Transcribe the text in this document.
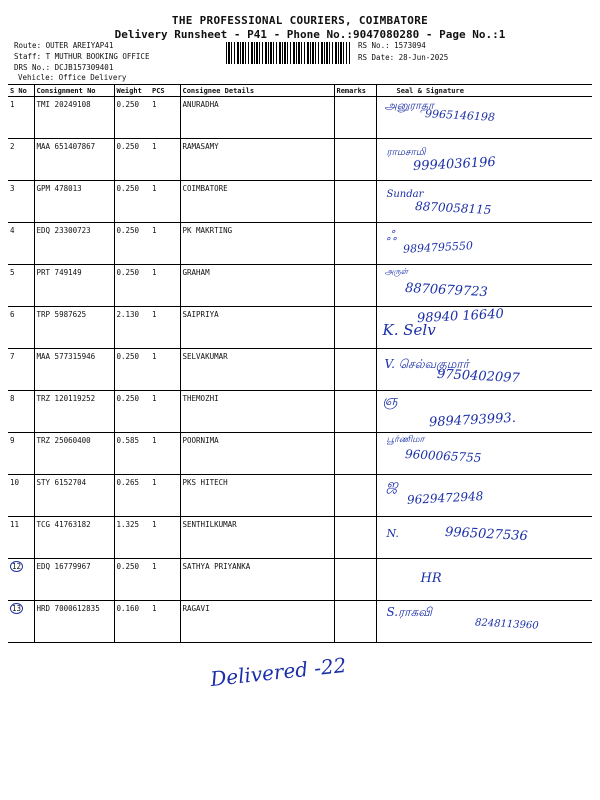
THE PROFESSIONAL COURIERS, COIMBATORE
Delivery Runsheet - P41 - Phone No.:9047080280 - Page No.:1
Route: OUTER AREIYAP41
Staff: T MUTHUR BOOKING OFFICE
DRS No.: DCJB157309401
Vehicle: Office Delivery
RS No.: 1573094
RS Date: 28-Jun-2025
S No	Consignment No	Weight	PCS	Consignee Details	Remarks	Seal & Signature
1	TMI 20249108	0.250	1	ANURADHA		அனுராதா
9965146198

2	MAA 651407867	0.250	1	RAMASAMY		ராமசாமி
9994036196

3	GPM 478013	0.250	1	COIMBATORE		Sundar
8870058115

4	EDQ 23300723	0.250	1	PK MAKRTING		ஃ
9894795550

5	PRT 749149	0.250	1	GRAHAM		அருள்
8870679723

6	TRP 5987625	2.130	1	SAIPRIYA		K. Selv
98940 16640

7	MAA 577315946	0.250	1	SELVAKUMAR		V. செல்வகுமார்
9750402097

8	TRZ 120119252	0.250	1	THEMOZHI		ஞ
9894793993.

9	TRZ 25060400	0.585	1	POORNIMA		பூர்ணிமா
9600065755

10	STY 6152704	0.265	1	PKS HITECH		ஜ
9629472948

11	TCG 41763182	1.325	1	SENTHILKUMAR		N. 9965027536

12	EDQ 16779967	0.250	1	SATHYA PRIYANKA		HR

13	HRD 7000612835	0.160	1	RAGAVI		S.ராகவி
8248113960
Delivered -22
